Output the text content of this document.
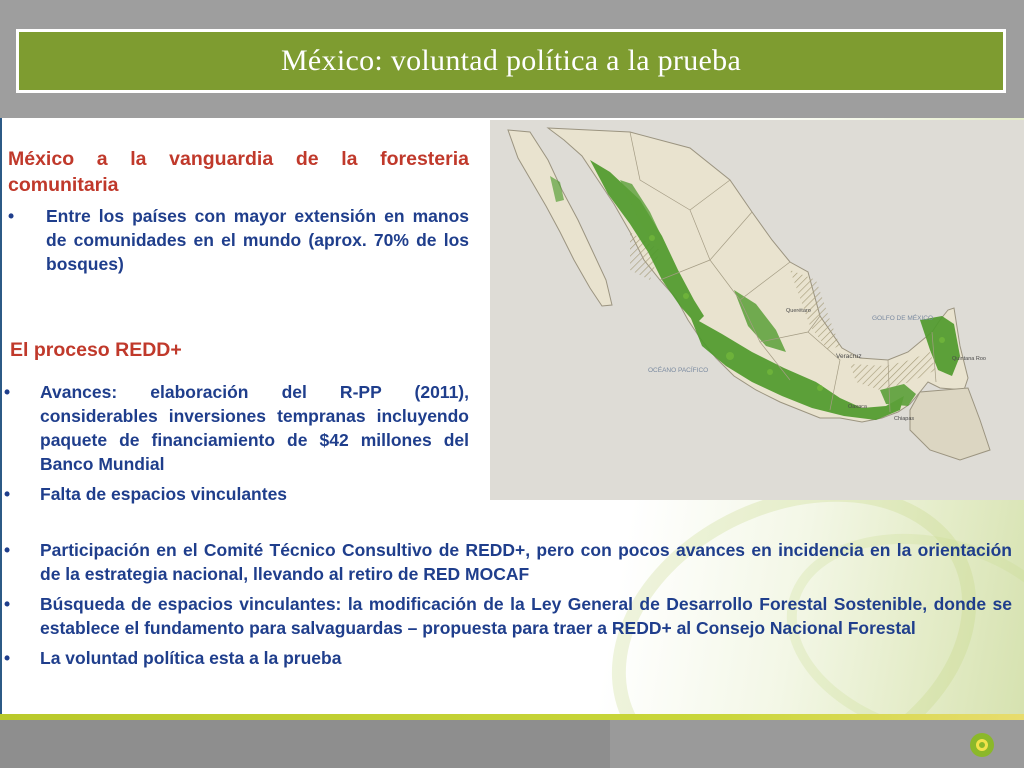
México: voluntad política a la prueba
GOLFO DE MÉXICO
OCÉANO PACÍFICO
Veracruz
Querétaro
Quintana Roo
Chiapas
Oaxaca
México a la vanguardia de la foresteria comunitaria
• Entre los países con mayor extensión en manos de comunidades en el mundo (aprox. 70% de los bosques)
El proceso REDD+
• Avances: elaboración del R-PP (2011), considerables inversiones tempranas incluyendo paquete de financiamiento de $42 millones del Banco Mundial
• Falta de espacios vinculantes
• Participación en el Comité Técnico Consultivo de REDD+, pero con pocos avances en incidencia en la orientación de la estrategia nacional, llevando al retiro de RED MOCAF
• Búsqueda de espacios vinculantes: la modificación de la Ley General de Desarrollo Forestal Sostenible, donde se establece el fundamento para salvaguardas – propuesta para traer a REDD+ al Consejo Nacional Forestal
• La voluntad política esta a la prueba
